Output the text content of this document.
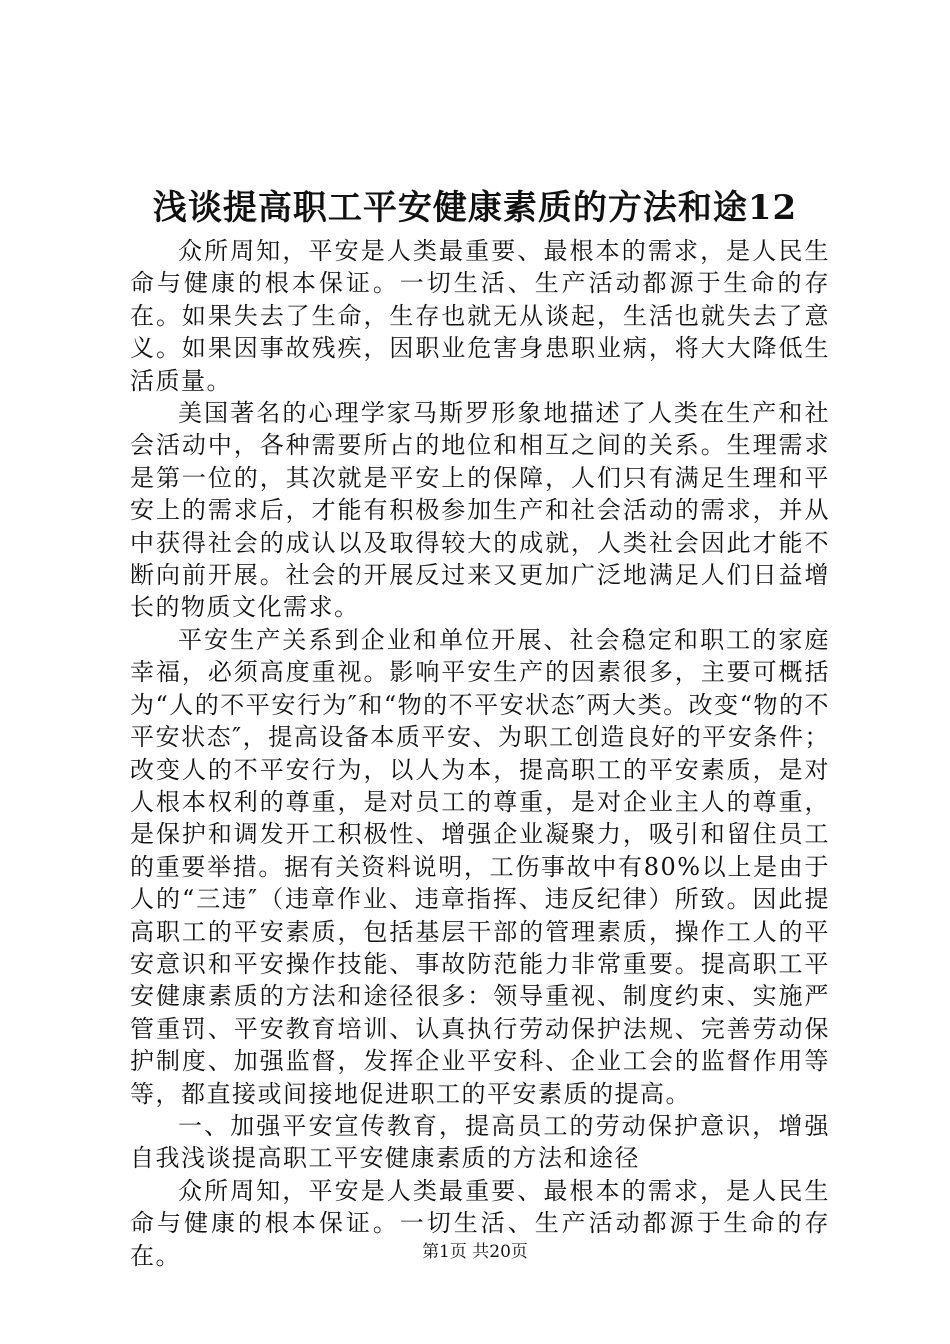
浅谈提高职工平安健康素质的方法和途12

众所周知，平安是人类最重要、最根本的需求，是人民生命与健康的根本保证。一切生活、生产活动都源于生命的存在。如果失去了生命，生存也就无从谈起，生活也就失去了意义。如果因事故残疾，因职业危害身患职业病，将大大降低生活质量。

美国著名的心理学家马斯罗形象地描述了人类在生产和社会活动中，各种需要所占的地位和相互之间的关系。生理需求是第一位的，其次就是平安上的保障，人们只有满足生理和平安上的需求后，才能有积极参加生产和社会活动的需求，并从中获得社会的成认以及取得较大的成就，人类社会因此才能不断向前开展。社会的开展反过来又更加广泛地满足人们日益增长的物质文化需求。

平安生产关系到企业和单位开展、社会稳定和职工的家庭幸福，必须高度重视。影响平安生产的因素很多，主要可概括为“人的不平安行为″和“物的不平安状态″两大类。改变“物的不平安状态″，提高设备本质平安、为职工创造良好的平安条件；改变人的不平安行为，以人为本，提高职工的平安素质，是对人根本权利的尊重，是对员工的尊重，是对企业主人的尊重，是保护和调发开工积极性、增强企业凝聚力，吸引和留住员工的重要举措。据有关资料说明，工伤事故中有80%以上是由于人的“三违″（违章作业、违章指挥、违反纪律）所致。因此提高职工的平安素质，包括基层干部的管理素质，操作工人的平安意识和平安操作技能、事故防范能力非常重要。提高职工平安健康素质的方法和途径很多：领导重视、制度约束、实施严管重罚、平安教育培训、认真执行劳动保护法规、完善劳动保护制度、加强监督，发挥企业平安科、企业工会的监督作用等等，都直接或间接地促进职工的平安素质的提高。

一、加强平安宣传教育，提高员工的劳动保护意识，增强自我浅谈提高职工平安健康素质的方法和途径

众所周知，平安是人类最重要、最根本的需求，是人民生命与健康的根本保证。一切生活、生产活动都源于生命的存在。	第1页 共20页
